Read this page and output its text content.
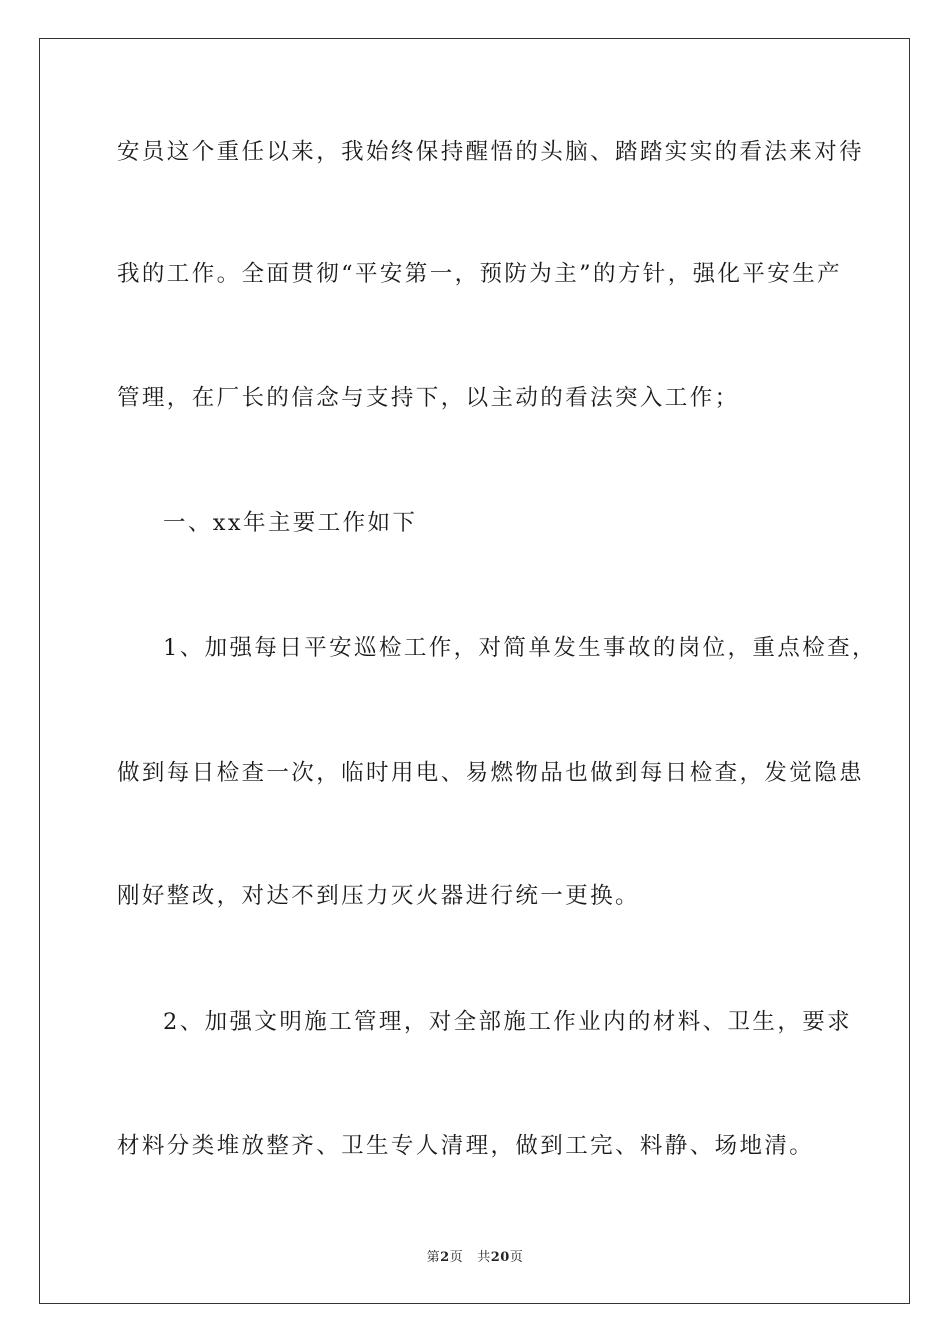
安员这个重任以来，我始终保持醒悟的头脑、踏踏实实的看法来对待
我的工作。全面贯彻“平安第一，预防为主”的方针，强化平安生产
管理，在厂长的信念与支持下，以主动的看法突入工作；
一、xx年主要工作如下
1、加强每日平安巡检工作，对简单发生事故的岗位，重点检查，
做到每日检查一次，临时用电、易燃物品也做到每日检查，发觉隐患
刚好整改，对达不到压力灭火器进行统一更换。
2、加强文明施工管理，对全部施工作业内的材料、卫生，要求
材料分类堆放整齐、卫生专人清理，做到工完、料静、场地清。
第2页 共20页
